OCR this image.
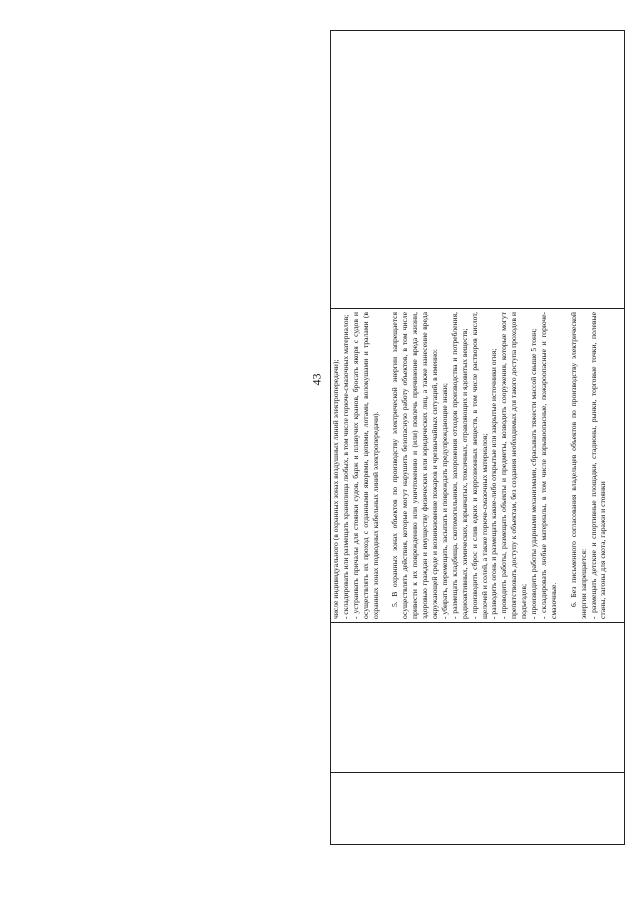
43 числе индивидуального (в охранных зонах воздушных линий электропередачи); - складировать или размещать хранилища любых, в том числе горюче-смазочных материалов; - устраивать причалы для стоянки судов, барж и плавучих кранов, бросать якоря с судов и осуществлять их проход с отданными якорями, цепями, лотами, волокушами и тралами (в охранных зонах подводных кабельных линий электропередачи). 5. В охранных зонах объектов по производству электрической энергии запрещается осуществлять действия, которые могут нарушить безопасную работу объектов, в том числе привести к их повреждению или уничтожению и (или) повлечь причинение вреда жизни, здоровью граждан и имуществу физических или юридических лиц, а также нанесение вреда окружающей среде и возникновение пожаров и чрезвычайных ситуаций, в именно: - убирать, перемещать, засыпать и повреждать предупреждающие знаки; - размещать кладбища, скотомогильники, захоронения отходов производства и потребления, радиоактивных, химических, взрывчатых, токсичных, отравляющих и ядовитых веществ; - производить сброс и слив едких и коррозионных веществ, в том числе растворов кислот, щелочей и солей, а также горюче-смазочных материалов; - разводить огонь и размещать какие-либо открытые или закрытые источники огня; - проводить работы, размещать объекты и предметы, возводить сооружения, которые могут препятствовать доступу к объектам, без создания необходимых для такого доступа проходов и подъездов; - производить работы ударными механизмами, сбрасывать тяжести массой свыше 5 тонн; - складировать любые материалы, в том числе взрывоопасные, пожароопасные и горюче-смазочные. 6. Без письменного согласования владельцев объектов по производству электрической энергии запрещается: - размещать детские и спортивные площадки, стадионы, рынки, торговые точки, полевые станы, загоны для скота, гаражи и стоянки
